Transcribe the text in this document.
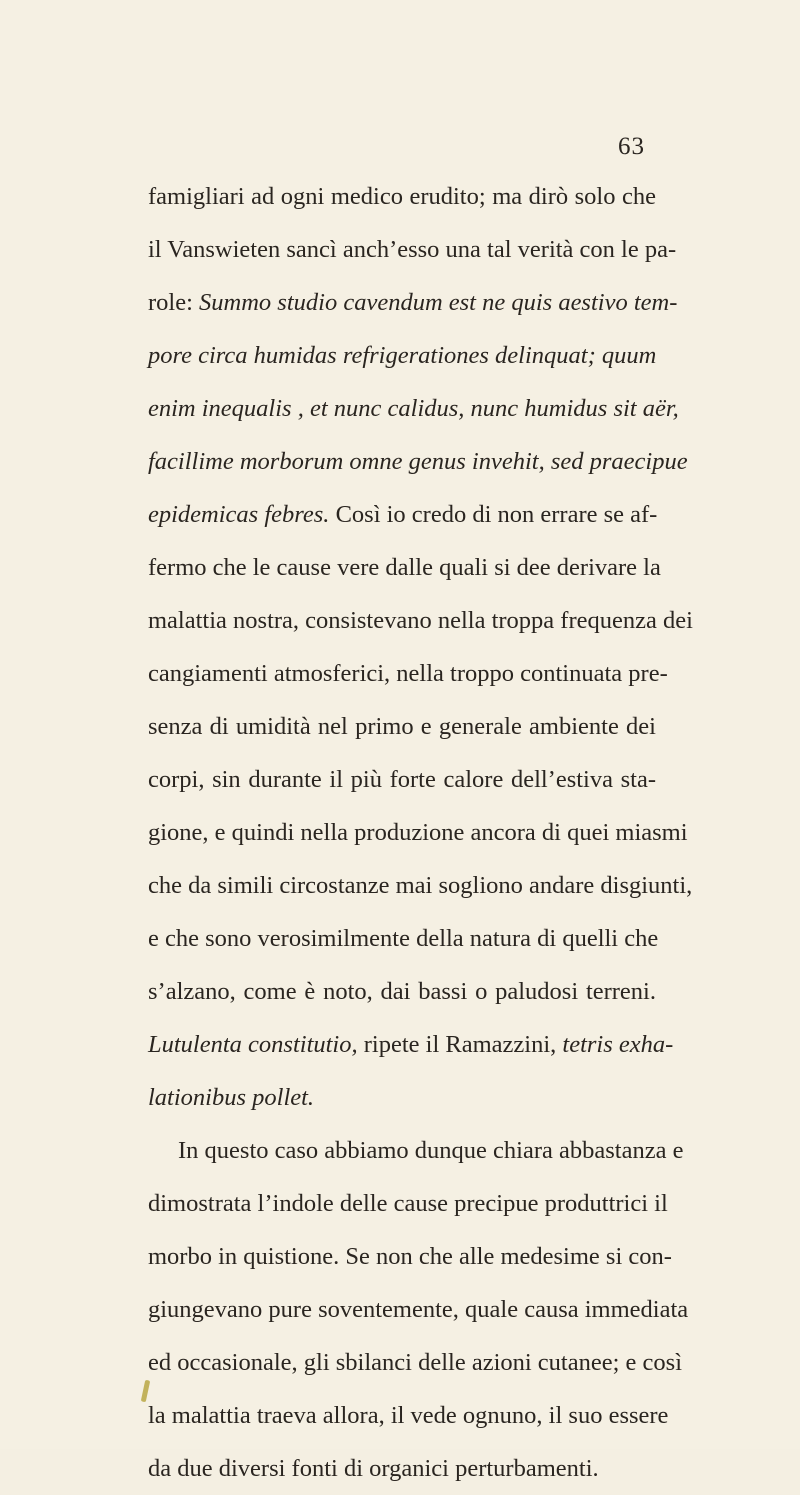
63
famigliari ad ogni medico erudito; ma dirò solo che
il Vanswieten sancì anch’esso una tal verità con le pa-
role: Summo studio cavendum est ne quis aestivo tem-
pore circa humidas refrigerationes delinquat; quum
enim inequalis , et nunc calidus, nunc humidus sit aër,
facillime morborum omne genus invehit, sed praecipue
epidemicas febres. Così io credo di non errare se af-
fermo che le cause vere dalle quali si dee derivare la
malattia nostra, consistevano nella troppa frequenza dei
cangiamenti atmosferici, nella troppo continuata pre-
senza di umidità nel primo e generale ambiente dei
corpi, sin durante il più forte calore dell’estiva sta-
gione, e quindi nella produzione ancora di quei miasmi
che da simili circostanze mai sogliono andare disgiunti,
e che sono verosimilmente della natura di quelli che
s’alzano, come è noto, dai bassi o paludosi terreni.
Lutulenta constitutio, ripete il Ramazzini, tetris exha-
lationibus pollet.
In questo caso abbiamo dunque chiara abbastanza e
dimostrata l’indole delle cause precipue produttrici il
morbo in quistione. Se non che alle medesime si con-
giungevano pure soventemente, quale causa immediata
ed occasionale, gli sbilanci delle azioni cutanee; e così
la malattia traeva allora, il vede ognuno, il suo essere
da due diversi fonti di organici perturbamenti.
